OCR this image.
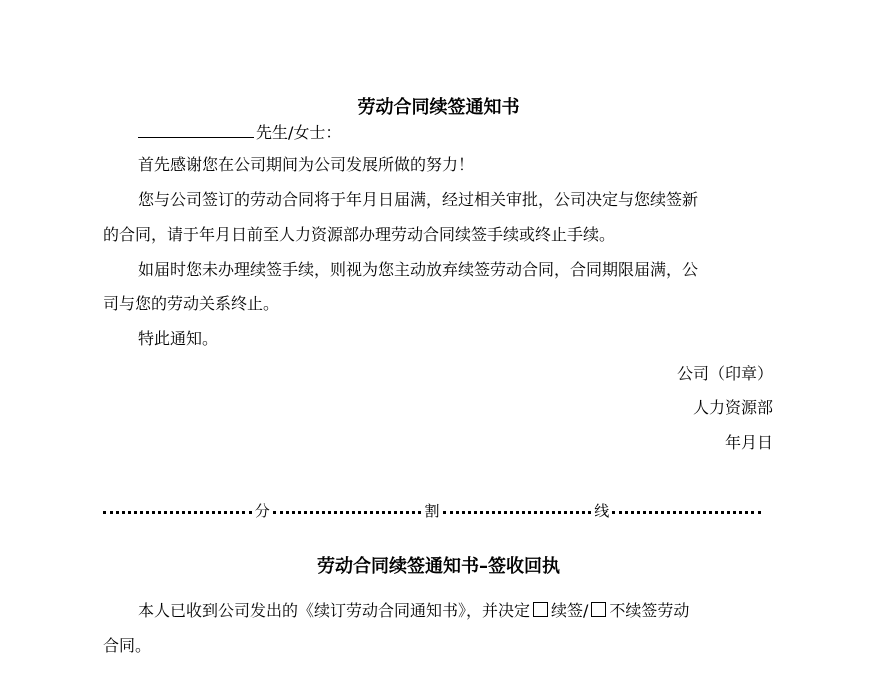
劳动合同续签通知书

先生/女士：

首先感谢您在公司期间为公司发展所做的努力！

您与公司签订的劳动合同将于年月日届满，经过相关审批，公司决定与您续签新

的合同，请于年月日前至人力资源部办理劳动合同续签手续或终止手续。

如届时您未办理续签手续，则视为您主动放弃续签劳动合同，合同期限届满，公

司与您的劳动关系终止。

特此通知。

公司（印章）
人力资源部
年月日
分	割	线
劳动合同续签通知书–签收回执

本人已收到公司发出的《续订劳动合同通知书》，并决定 续签/ 不续签劳动

合同。
